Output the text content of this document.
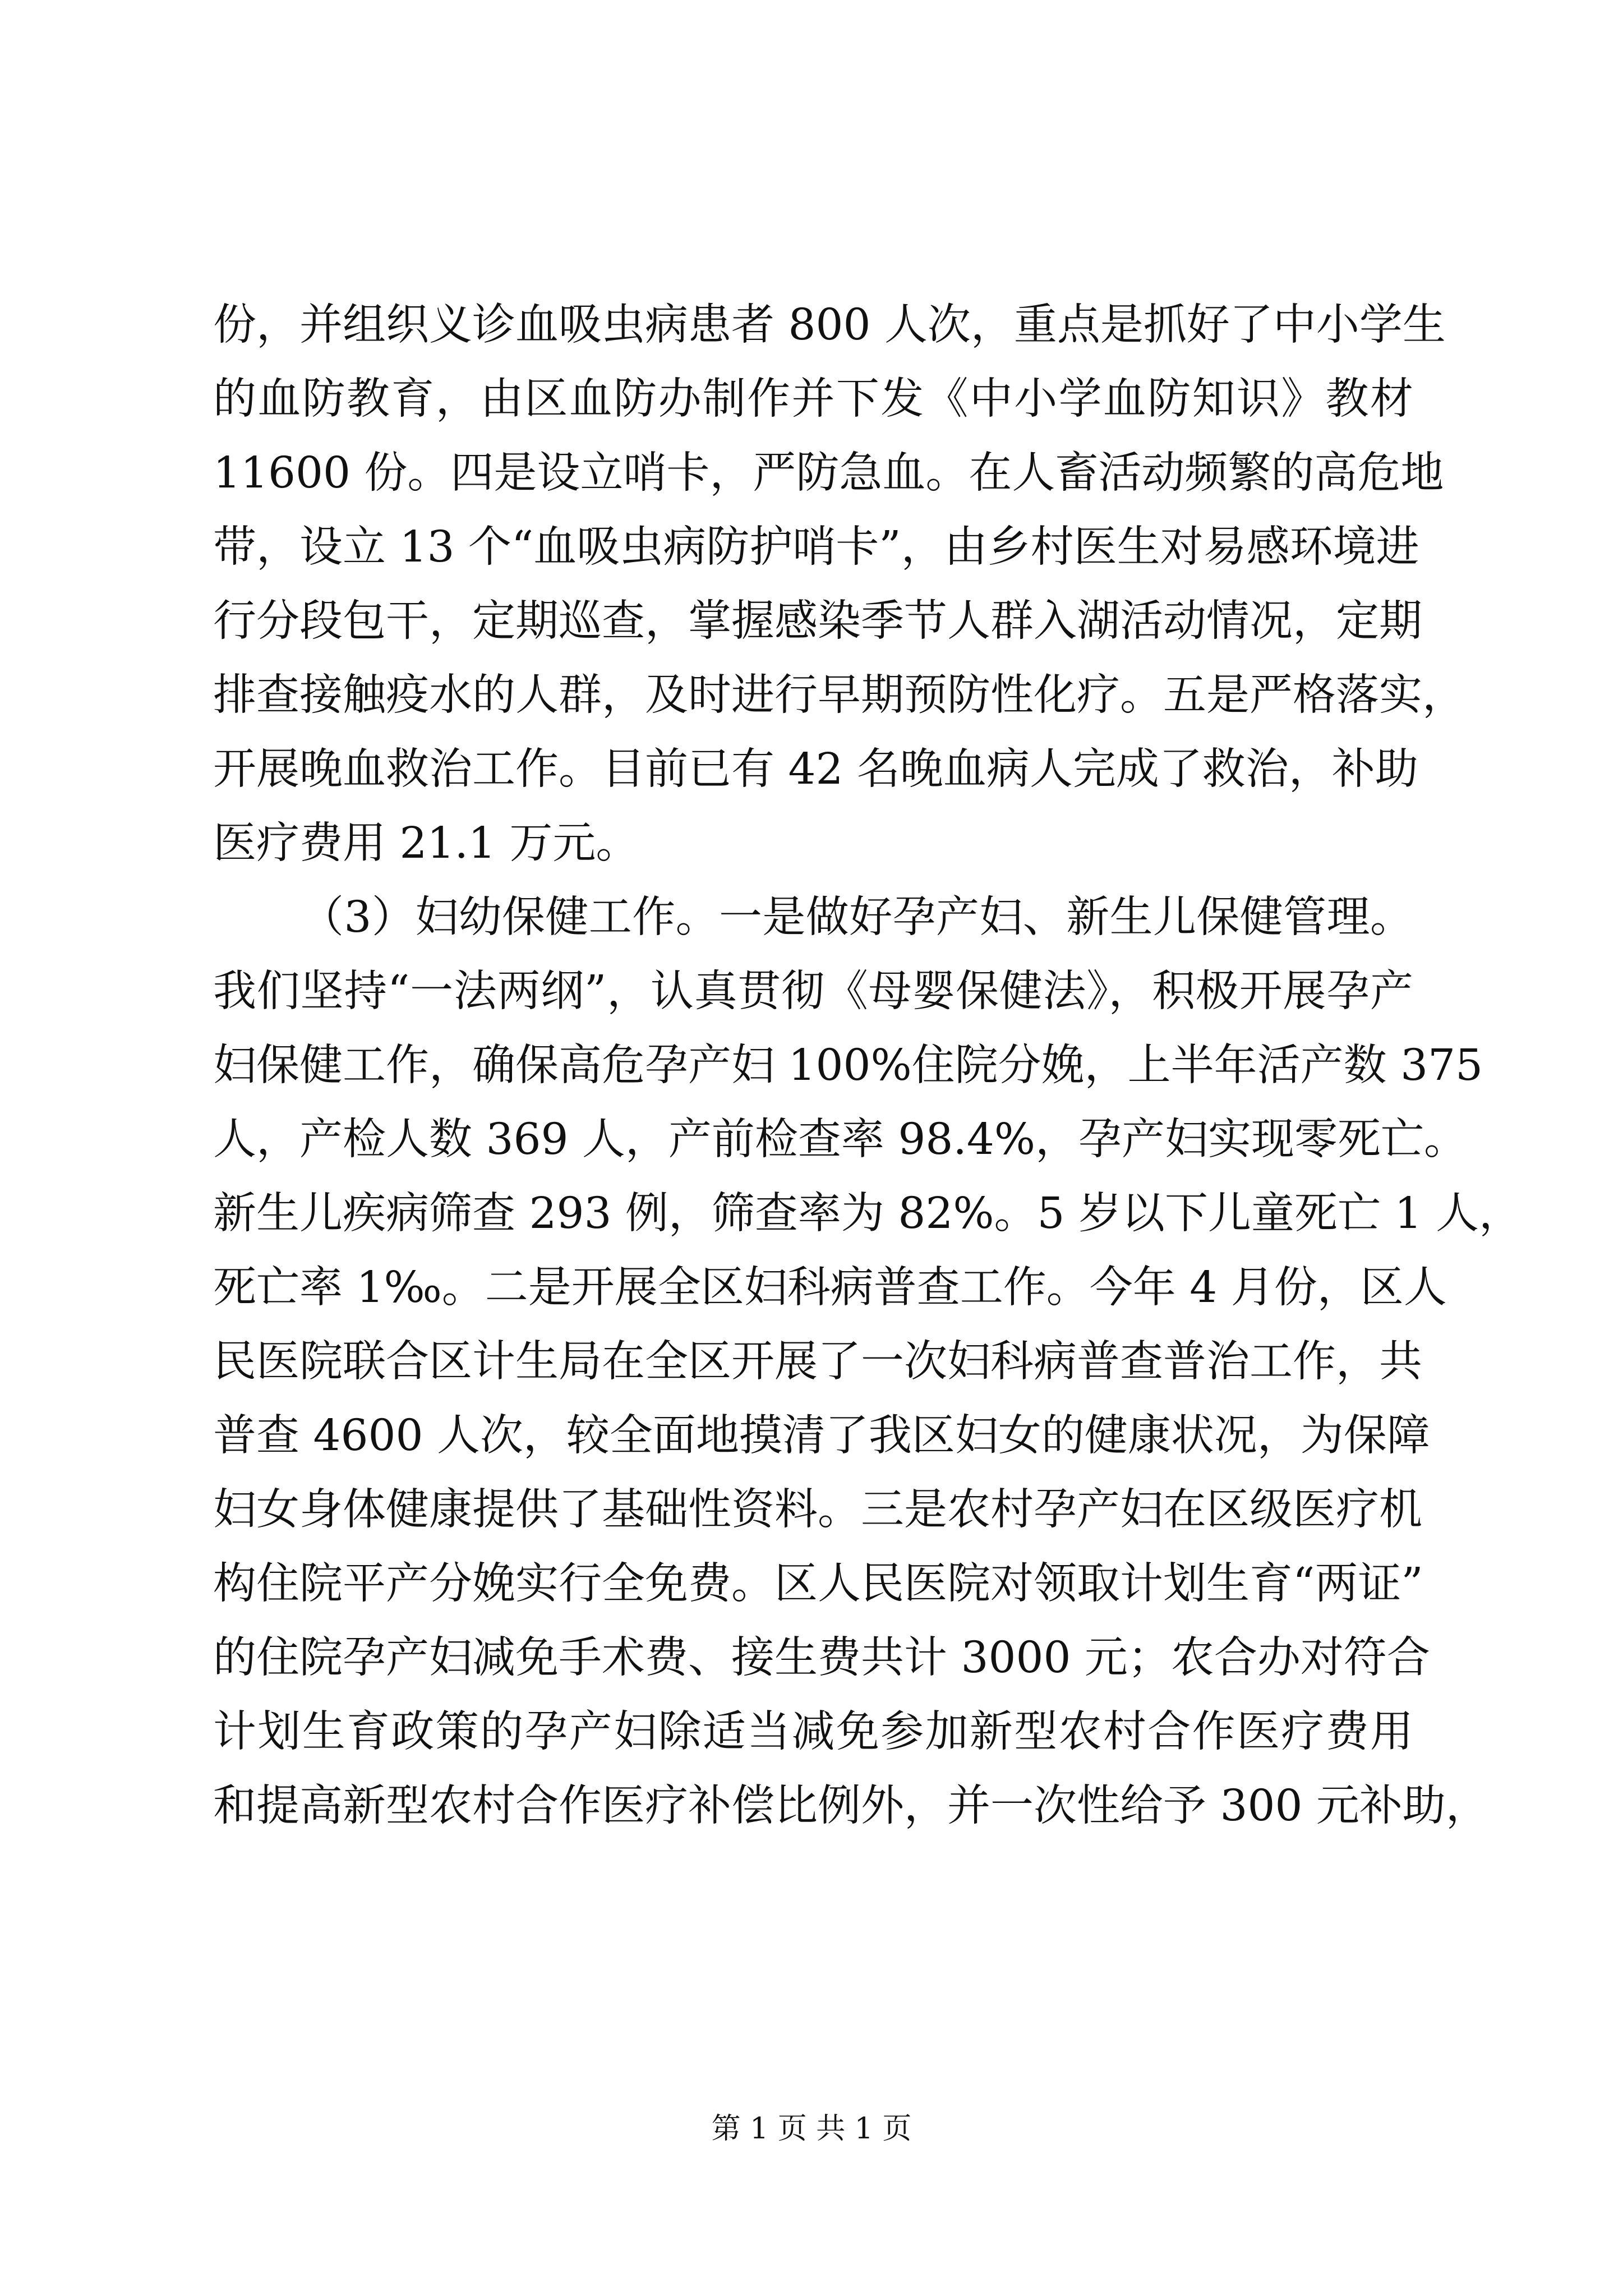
份，并组织义诊血吸虫病患者 800 人次，重点是抓好了中小学生
的血防教育，由区血防办制作并下发《中小学血防知识》教材
11600 份。四是设立哨卡，严防急血。在人畜活动频繁的高危地
带，设立 13 个“血吸虫病防护哨卡”，由乡村医生对易感环境进
行分段包干，定期巡查，掌握感染季节人群入湖活动情况，定期
排查接触疫水的人群，及时进行早期预防性化疗。五是严格落实，
开展晚血救治工作。目前已有 42 名晚血病人完成了救治，补助
医疗费用 21.1 万元。
（3）妇幼保健工作。一是做好孕产妇、新生儿保健管理。
我们坚持“一法两纲”，认真贯彻《母婴保健法》，积极开展孕产
妇保健工作，确保高危孕产妇 100%住院分娩，上半年活产数 375
人，产检人数 369 人，产前检查率 98.4%，孕产妇实现零死亡。
新生儿疾病筛查 293 例，筛查率为 82%。5 岁以下儿童死亡 1 人，
死亡率 1‰。二是开展全区妇科病普查工作。今年 4 月份，区人
民医院联合区计生局在全区开展了一次妇科病普查普治工作，共
普查 4600 人次，较全面地摸清了我区妇女的健康状况，为保障
妇女身体健康提供了基础性资料。三是农村孕产妇在区级医疗机
构住院平产分娩实行全免费。区人民医院对领取计划生育“两证”
的住院孕产妇减免手术费、接生费共计 3000 元；农合办对符合
计划生育政策的孕产妇除适当减免参加新型农村合作医疗费用
和提高新型农村合作医疗补偿比例外，并一次性给予 300 元补助，
第 1 页 共 1 页
